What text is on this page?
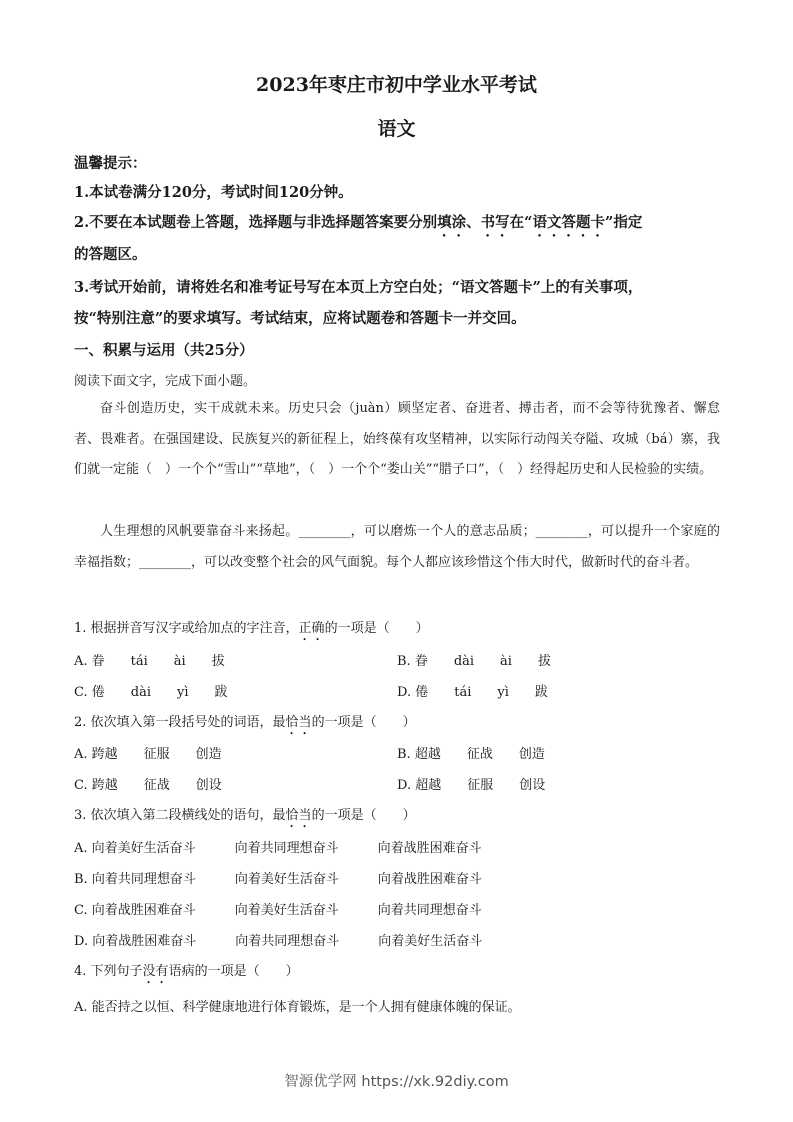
2023年枣庄市初中学业水平考试
语文
温馨提示：
1.本试卷满分120分，考试时间120分钟。
2.不要在本试题卷上答题，选择题与非选择题答案要分别填涂、书写在“语文答题卡”指定
的答题区。
3.考试开始前，请将姓名和准考证号写在本页上方空白处；“语文答题卡”上的有关事项，
按“特别注意”的要求填写。考试结束，应将试题卷和答题卡一并交回。
一、积累与运用（共25分）
阅读下面文字，完成下面小题。
奋斗创造历史，实干成就未来。历史只会（juàn）顾坚定者、奋进者、搏击者，而不会等待犹豫者、懈怠者、畏难者。在强国建设、民族复兴的新征程上，始终葆有攻坚精神，以实际行动闯关夺隘、攻城（bá）寨，我们就一定能（　）一个个“雪山”“草地”，（　）一个个“娄山关”“腊子口”，（　）经得起历史和人民检验的实绩。
人生理想的风帆要靠奋斗来扬起。________，可以磨炼一个人的意志品质；________，可以提升一个家庭的幸福指数；________，可以改变整个社会的风气面貌。每个人都应该珍惜这个伟大时代，做新时代的奋斗者。
1. 根据拼音写汉字或给加点的字注音，正确的一项是（　　）
A. 眷　　tái　　ài　　拔	B. 眷　　dài　　ài　　拔
C. 倦　　dài　　yì　　跋	D. 倦　　tái　　yì　　跋
2. 依次填入第一段括号处的词语，最恰当的一项是（　　）
A. 跨越　　征服　　创造	B. 超越　　征战　　创造
C. 跨越　　征战　　创设	D. 超越　　征服　　创设
3. 依次填入第二段横线处的语句，最恰当的一项是（　　）
A. 向着美好生活奋斗　　　向着共同理想奋斗　　　向着战胜困难奋斗
B. 向着共同理想奋斗　　　向着美好生活奋斗　　　向着战胜困难奋斗
C. 向着战胜困难奋斗　　　向着美好生活奋斗　　　向着共同理想奋斗
D. 向着战胜困难奋斗　　　向着共同理想奋斗　　　向着美好生活奋斗
4. 下列句子没有语病的一项是（　　）
A. 能否持之以恒、科学健康地进行体育锻炼，是一个人拥有健康体魄的保证。
智源优学网 https://xk.92diy.com
